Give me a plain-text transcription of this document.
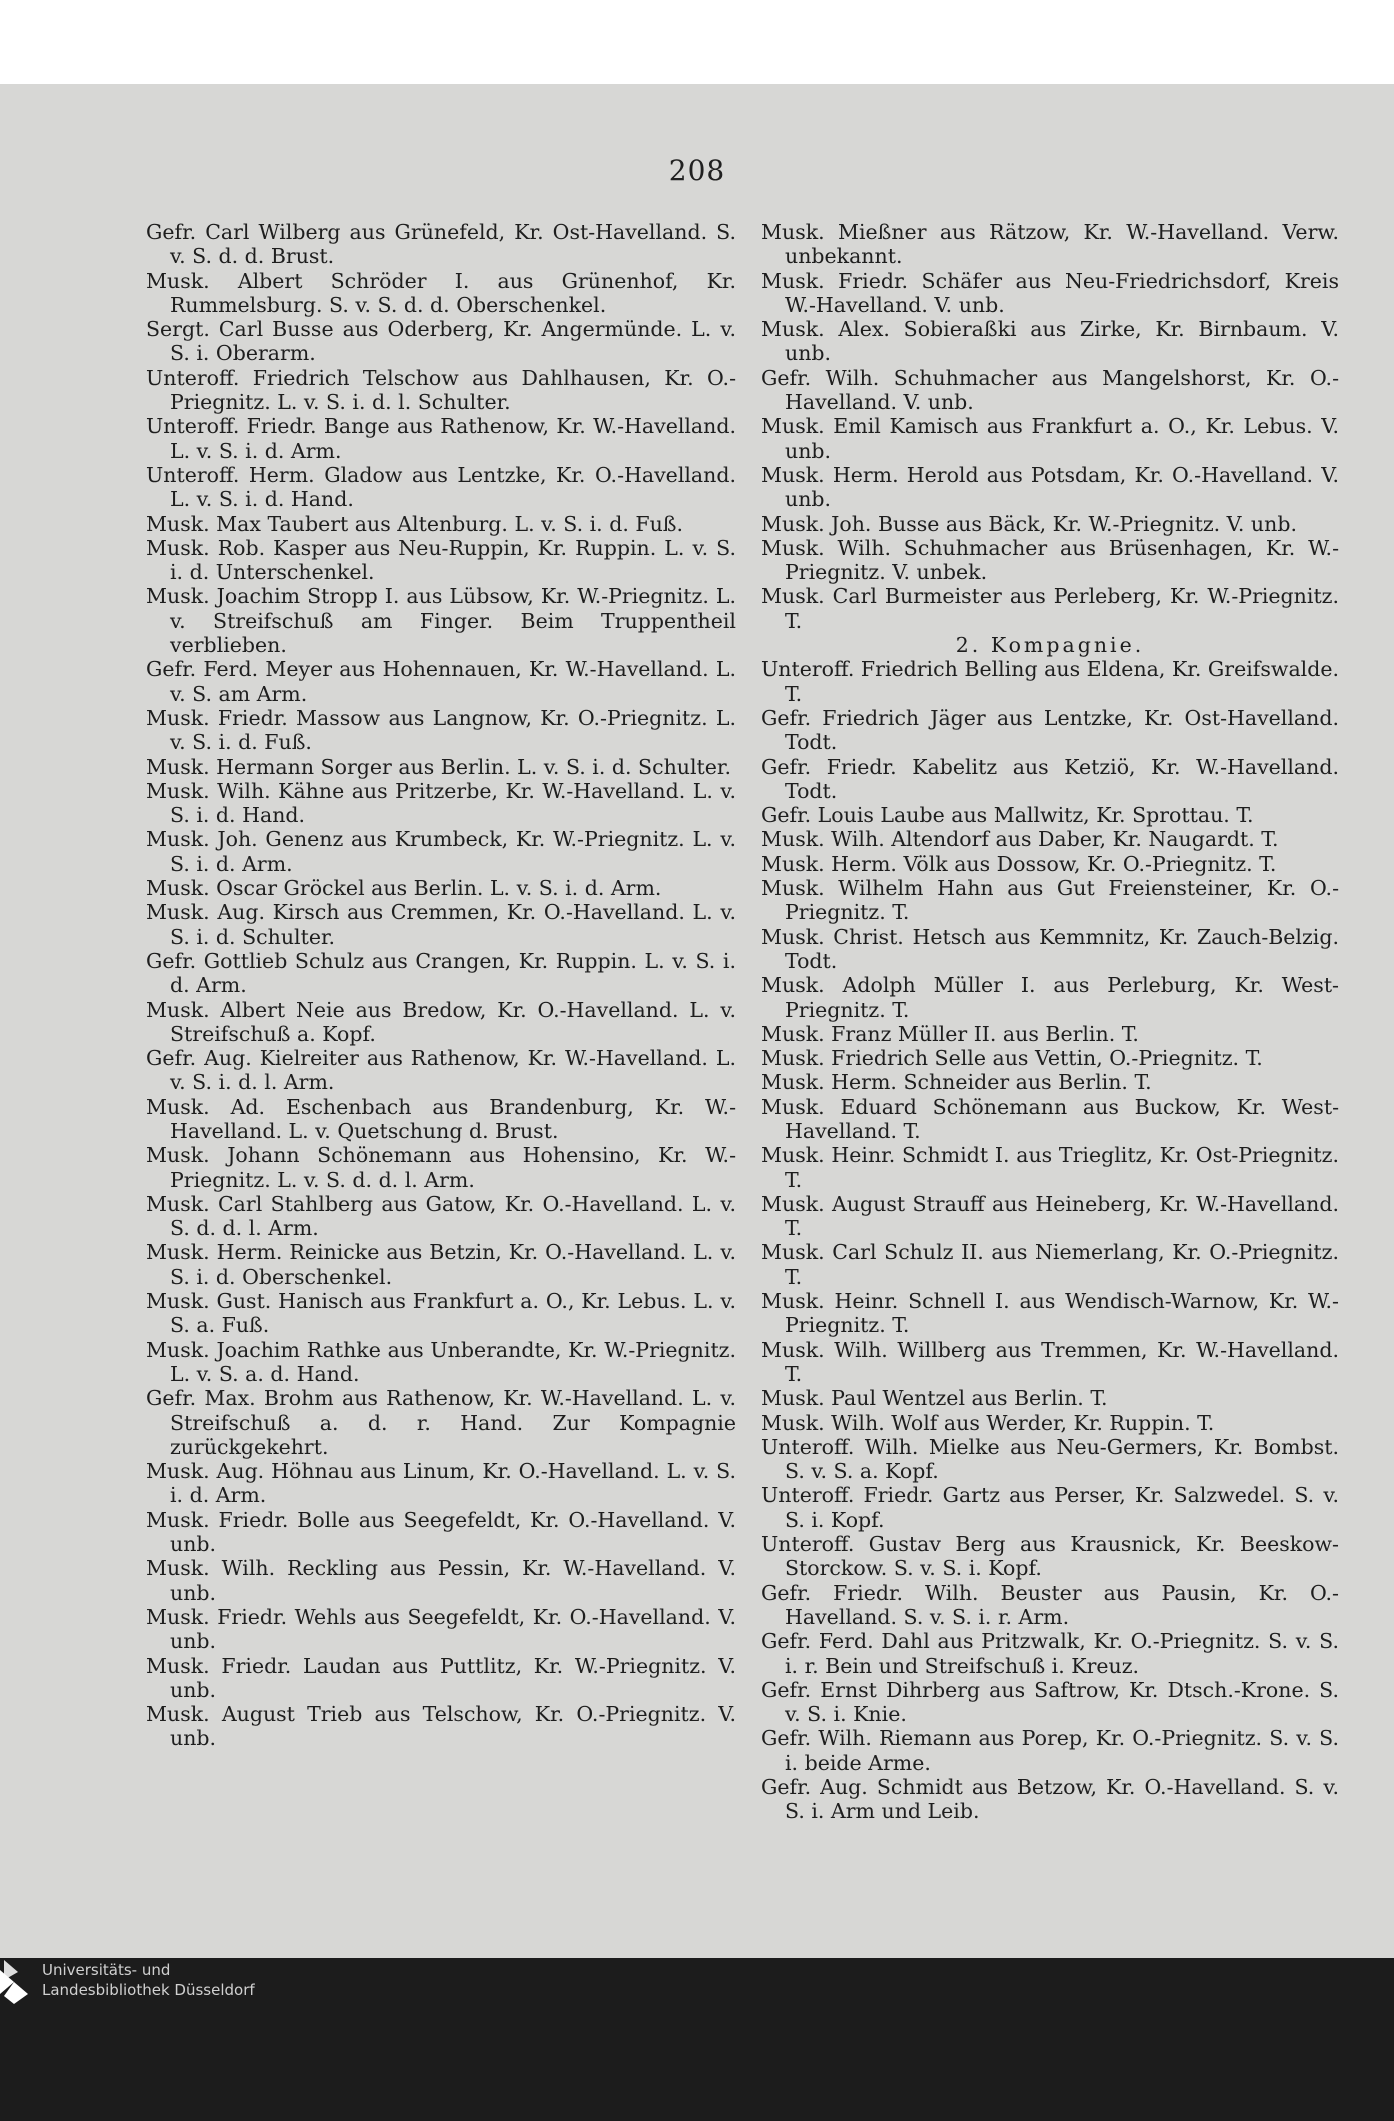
208

Gefr. Carl Wilberg aus Grünefeld, Kr. Ost-Havelland. S. v. S. d. d. Brust.

Musk. Albert Schröder I. aus Grünenhof, Kr. Rummelsburg. S. v. S. d. d. Oberschenkel.

Sergt. Carl Busse aus Oderberg, Kr. Angermünde. L. v. S. i. Oberarm.

Unteroff. Friedrich Telschow aus Dahlhausen, Kr. O.-Priegnitz. L. v. S. i. d. l. Schulter.

Unteroff. Friedr. Bange aus Rathenow, Kr. W.-Havelland. L. v. S. i. d. Arm.

Unteroff. Herm. Gladow aus Lentzke, Kr. O.-Havelland. L. v. S. i. d. Hand.

Musk. Max Taubert aus Altenburg. L. v. S. i. d. Fuß.

Musk. Rob. Kasper aus Neu-Ruppin, Kr. Ruppin. L. v. S. i. d. Unterschenkel.

Musk. Joachim Stropp I. aus Lübsow, Kr. W.-Priegnitz. L. v. Streifschuß am Finger. Beim Truppentheil verblieben.

Gefr. Ferd. Meyer aus Hohennauen, Kr. W.-Havelland. L. v. S. am Arm.

Musk. Friedr. Massow aus Langnow, Kr. O.-Priegnitz. L. v. S. i. d. Fuß.

Musk. Hermann Sorger aus Berlin. L. v. S. i. d. Schulter.

Musk. Wilh. Kähne aus Pritzerbe, Kr. W.-Havelland. L. v. S. i. d. Hand.

Musk. Joh. Genenz aus Krumbeck, Kr. W.-Priegnitz. L. v. S. i. d. Arm.

Musk. Oscar Gröckel aus Berlin. L. v. S. i. d. Arm.

Musk. Aug. Kirsch aus Cremmen, Kr. O.-Havelland. L. v. S. i. d. Schulter.

Gefr. Gottlieb Schulz aus Crangen, Kr. Ruppin. L. v. S. i. d. Arm.

Musk. Albert Neie aus Bredow, Kr. O.-Havelland. L. v. Streifschuß a. Kopf.

Gefr. Aug. Kielreiter aus Rathenow, Kr. W.-Havelland. L. v. S. i. d. l. Arm.

Musk. Ad. Eschenbach aus Brandenburg, Kr. W.-Havelland. L. v. Quetschung d. Brust.

Musk. Johann Schönemann aus Hohensino, Kr. W.-Priegnitz. L. v. S. d. d. l. Arm.

Musk. Carl Stahlberg aus Gatow, Kr. O.-Havelland. L. v. S. d. d. l. Arm.

Musk. Herm. Reinicke aus Betzin, Kr. O.-Havelland. L. v. S. i. d. Oberschenkel.

Musk. Gust. Hanisch aus Frankfurt a. O., Kr. Lebus. L. v. S. a. Fuß.

Musk. Joachim Rathke aus Unberandte, Kr. W.-Priegnitz. L. v. S. a. d. Hand.

Gefr. Max. Brohm aus Rathenow, Kr. W.-Havelland. L. v. Streifschuß a. d. r. Hand. Zur Kompagnie zurückgekehrt.

Musk. Aug. Höhnau aus Linum, Kr. O.-Havelland. L. v. S. i. d. Arm.

Musk. Friedr. Bolle aus Seegefeldt, Kr. O.-Havelland. V. unb.

Musk. Wilh. Reckling aus Pessin, Kr. W.-Havelland. V. unb.

Musk. Friedr. Wehls aus Seegefeldt, Kr. O.-Havelland. V. unb.

Musk. Friedr. Laudan aus Puttlitz, Kr. W.-Priegnitz. V. unb.

Musk. August Trieb aus Telschow, Kr. O.-Priegnitz. V. unb.

Musk. Mießner aus Rätzow, Kr. W.-Havelland. Verw. unbekannt.

Musk. Friedr. Schäfer aus Neu-Friedrichsdorf, Kreis W.-Havelland. V. unb.

Musk. Alex. Sobieraßki aus Zirke, Kr. Birnbaum. V. unb.

Gefr. Wilh. Schuhmacher aus Mangelshorst, Kr. O.-Havelland. V. unb.

Musk. Emil Kamisch aus Frankfurt a. O., Kr. Lebus. V. unb.

Musk. Herm. Herold aus Potsdam, Kr. O.-Havelland. V. unb.

Musk. Joh. Busse aus Bäck, Kr. W.-Priegnitz. V. unb.

Musk. Wilh. Schuhmacher aus Brüsenhagen, Kr. W.-Priegnitz. V. unbek.

Musk. Carl Burmeister aus Perleberg, Kr. W.-Priegnitz. T.

2. Kompagnie.

Unteroff. Friedrich Belling aus Eldena, Kr. Greifswalde. T.

Gefr. Friedrich Jäger aus Lentzke, Kr. Ost-Havelland. Todt.

Gefr. Friedr. Kabelitz aus Ketziö, Kr. W.-Havelland. Todt.

Gefr. Louis Laube aus Mallwitz, Kr. Sprottau. T.

Musk. Wilh. Altendorf aus Daber, Kr. Naugardt. T.

Musk. Herm. Völk aus Dossow, Kr. O.-Priegnitz. T.

Musk. Wilhelm Hahn aus Gut Freiensteiner, Kr. O.-Priegnitz. T.

Musk. Christ. Hetsch aus Kemmnitz, Kr. Zauch-Belzig. Todt.

Musk. Adolph Müller I. aus Perleburg, Kr. West-Priegnitz. T.

Musk. Franz Müller II. aus Berlin. T.

Musk. Friedrich Selle aus Vettin, O.-Priegnitz. T.

Musk. Herm. Schneider aus Berlin. T.

Musk. Eduard Schönemann aus Buckow, Kr. West-Havelland. T.

Musk. Heinr. Schmidt I. aus Trieglitz, Kr. Ost-Priegnitz. T.

Musk. August Strauff aus Heineberg, Kr. W.-Havelland. T.

Musk. Carl Schulz II. aus Niemerlang, Kr. O.-Priegnitz. T.

Musk. Heinr. Schnell I. aus Wendisch-Warnow, Kr. W.-Priegnitz. T.

Musk. Wilh. Willberg aus Tremmen, Kr. W.-Havelland. T.

Musk. Paul Wentzel aus Berlin. T.

Musk. Wilh. Wolf aus Werder, Kr. Ruppin. T.

Unteroff. Wilh. Mielke aus Neu-Germers, Kr. Bombst. S. v. S. a. Kopf.

Unteroff. Friedr. Gartz aus Perser, Kr. Salzwedel. S. v. S. i. Kopf.

Unteroff. Gustav Berg aus Krausnick, Kr. Beeskow-Storckow. S. v. S. i. Kopf.

Gefr. Friedr. Wilh. Beuster aus Pausin, Kr. O.-Havelland. S. v. S. i. r. Arm.

Gefr. Ferd. Dahl aus Pritzwalk, Kr. O.-Priegnitz. S. v. S. i. r. Bein und Streifschuß i. Kreuz.

Gefr. Ernst Dihrberg aus Saftrow, Kr. Dtsch.-Krone. S. v. S. i. Knie.

Gefr. Wilh. Riemann aus Porep, Kr. O.-Priegnitz. S. v. S. i. beide Arme.

Gefr. Aug. Schmidt aus Betzow, Kr. O.-Havelland. S. v. S. i. Arm und Leib.

Universitäts- und
Landesbibliothek Düsseldorf
